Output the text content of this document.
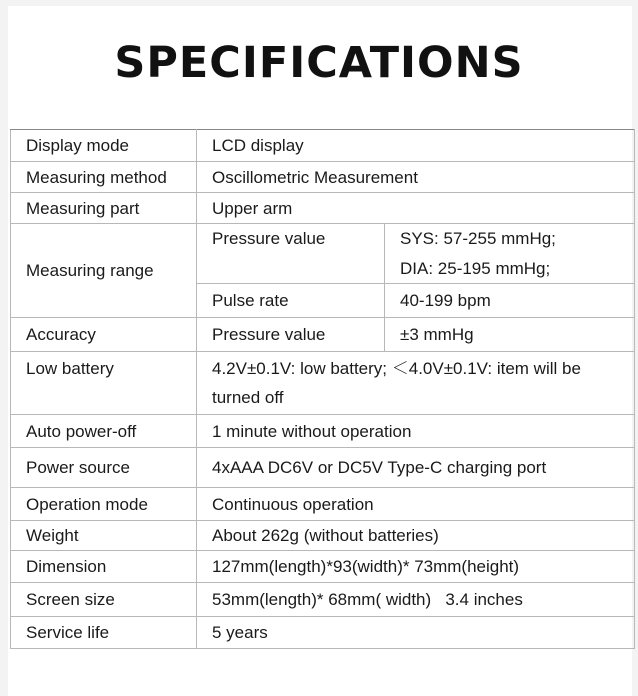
SPECIFICATIONS
Display mode	LCD display	
Measuring method	Oscillometric Measurement	
Measuring part	Upper arm	
Measuring range	Pressure value	SYS: 57-255 mmHg;
		DIA: 25-195 mmHg;
	Pulse rate	40-199 bpm
Accuracy	Pressure value	±3 mmHg
Low battery	4.2V±0.1V: low battery; ＜4.0V±0.1V: item will be turned off	
Auto power-off	1 minute without operation	
Power source	4xAAA DC6V or DC5V Type-C charging port	
Operation mode	Continuous operation	
Weight	About 262g (without batteries)	
Dimension	127mm(length)*93(width)* 73mm(height)	
Screen size	53mm(length)* 68mm( width)   3.4 inches	
Service life	5 years	
